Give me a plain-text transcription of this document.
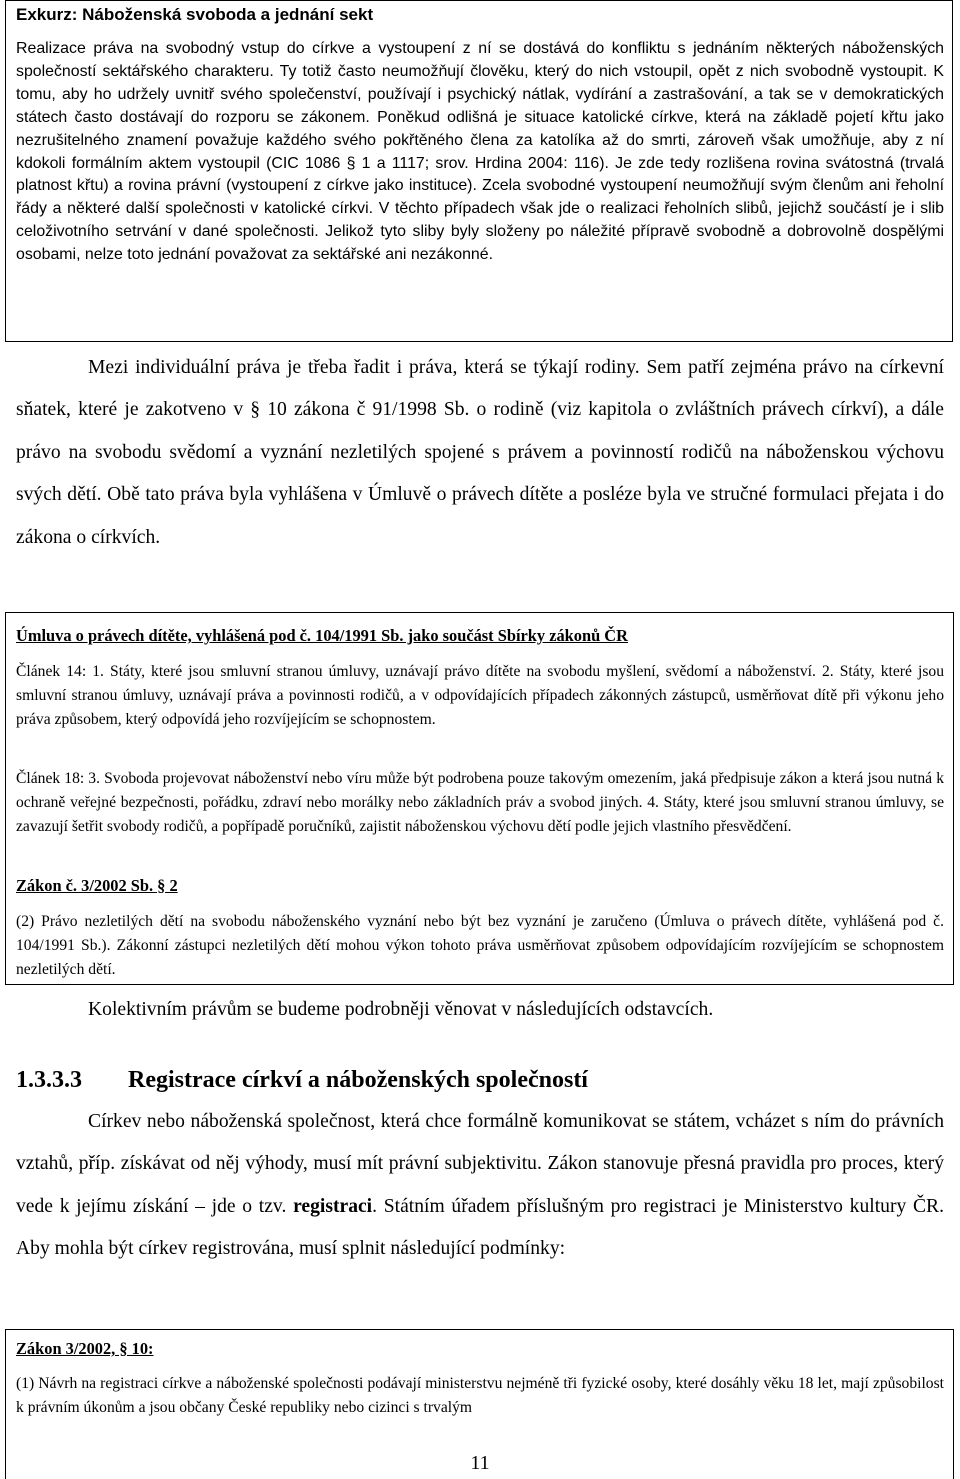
Exkurz: Náboženská svoboda a jednání sekt

Realizace práva na svobodný vstup do církve a vystoupení z ní se dostává do konfliktu s jednáním některých náboženských společností sektářského charakteru. Ty totiž často neumožňují člověku, který do nich vstoupil, opět z nich svobodně vystoupit. K tomu, aby ho udržely uvnitř svého společenství, používají i psychický nátlak, vydírání a zastrašování, a tak se v demokratických státech často dostávají do rozporu se zákonem. Poněkud odlišná je situace katolické církve, která na základě pojetí křtu jako nezrušitelného znamení považuje každého svého pokřtěného člena za katolíka až do smrti, zároveň však umožňuje, aby z ní kdokoli formálním aktem vystoupil (CIC 1086 § 1 a 1117; srov. Hrdina 2004: 116). Je zde tedy rozlišena rovina svátostná (trvalá platnost křtu) a rovina právní (vystoupení z církve jako instituce). Zcela svobodné vystoupení neumožňují svým členům ani řeholní řády a některé další společnosti v katolické církvi. V těchto případech však jde o realizaci řeholních slibů, jejichž součástí je i slib celoživotního setrvání v dané společnosti. Jelikož tyto sliby byly složeny po náležité přípravě svobodně a dobrovolně dospělými osobami, nelze toto jednání považovat za sektářské ani nezákonné.

Mezi individuální práva je třeba řadit i práva, která se týkají rodiny. Sem patří zejména právo na církevní sňatek, které je zakotveno v § 10 zákona č 91/1998 Sb. o rodině (viz kapitola o zvláštních právech církví), a dále právo na svobodu svědomí a vyznání nezletilých spojené s právem a povinností rodičů na náboženskou výchovu svých dětí. Obě tato práva byla vyhlášena v Úmluvě o právech dítěte a posléze byla ve stručné formulaci přejata i do zákona o církvích.

Úmluva o právech dítěte, vyhlášená pod č. 104/1991 Sb. jako součást Sbírky zákonů ČR

Článek 14: 1. Státy, které jsou smluvní stranou úmluvy, uznávají právo dítěte na svobodu myšlení, svědomí a náboženství. 2. Státy, které jsou smluvní stranou úmluvy, uznávají práva a povinnosti rodičů, a v odpovídajících případech zákonných zástupců, usměrňovat dítě při výkonu jeho práva způsobem, který odpovídá jeho rozvíjejícím se schopnostem.

Článek 18: 3. Svoboda projevovat náboženství nebo víru může být podrobena pouze takovým omezením, jaká předpisuje zákon a která jsou nutná k ochraně veřejné bezpečnosti, pořádku, zdraví nebo morálky nebo základních práv a svobod jiných. 4. Státy, které jsou smluvní stranou úmluvy, se zavazují šetřit svobody rodičů, a popřípadě poručníků, zajistit náboženskou výchovu dětí podle jejich vlastního přesvědčení.

Zákon č. 3/2002 Sb. § 2

(2) Právo nezletilých dětí na svobodu náboženského vyznání nebo být bez vyznání je zaručeno (Úmluva o právech dítěte, vyhlášená pod č. 104/1991 Sb.). Zákonní zástupci nezletilých dětí mohou výkon tohoto práva usměrňovat způsobem odpovídajícím rozvíjejícím se schopnostem nezletilých dětí.

Kolektivním právům se budeme podrobněji věnovat v následujících odstavcích.

1.3.3.3 Registrace církví a náboženských společností

Církev nebo náboženská společnost, která chce formálně komunikovat se státem, vcházet s ním do právních vztahů, příp. získávat od něj výhody, musí mít právní subjektivitu. Zákon stanovuje přesná pravidla pro proces, který vede k jejímu získání – jde o tzv. registraci. Státním úřadem příslušným pro registraci je Ministerstvo kultury ČR. Aby mohla být církev registrována, musí splnit následující podmínky:

Zákon 3/2002, § 10:

(1) Návrh na registraci církve a náboženské společnosti podávají ministerstvu nejméně tři fyzické osoby, které dosáhly věku 18 let, mají způsobilost k právním úkonům a jsou občany České republiky nebo cizinci s trvalým

11
